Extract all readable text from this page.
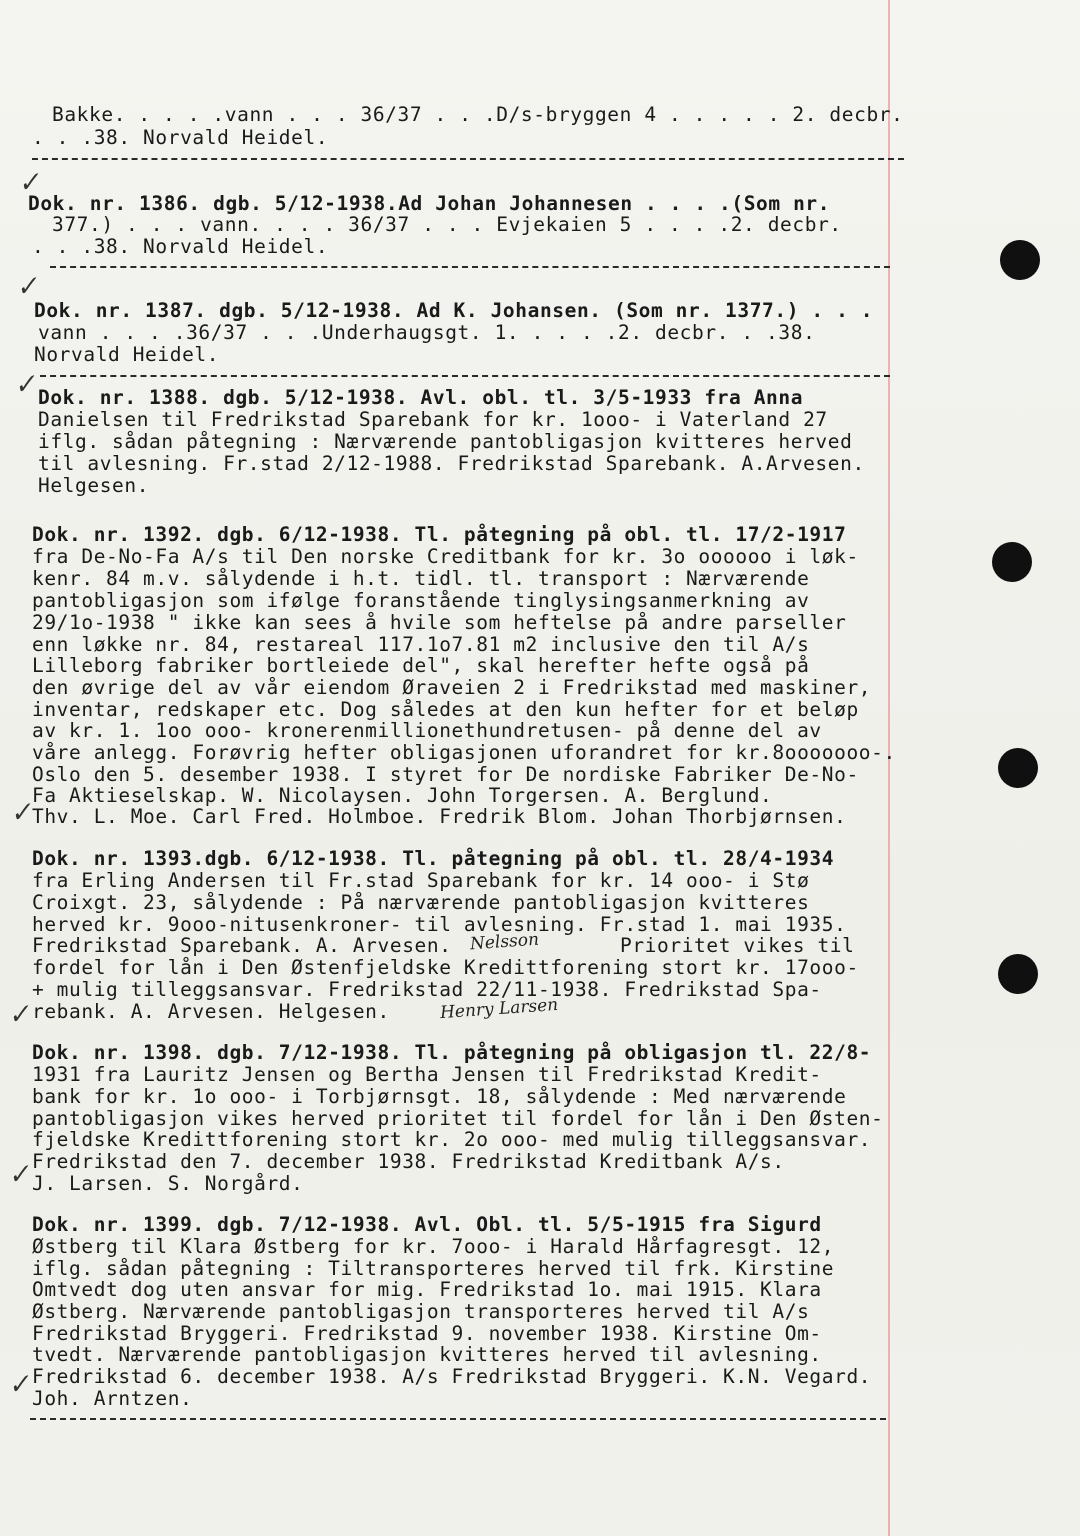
Bakke. . . . .vann . . . 36/37 . . .D/s-bryggen 4 . . . . . 2. decbr.
. . .38. Norvald Heidel.
✓
Dok. nr. 1386. dgb. 5/12-1938.Ad Johan Johannesen . . . .(Som nr.
377.) . . . vann. . . . 36/37 . . . Evjekaien 5 . . . .2. decbr.
. . .38. Norvald Heidel.
✓
Dok. nr. 1387. dgb. 5/12-1938. Ad K. Johansen. (Som nr. 1377.) . . .
vann . . . .36/37 . . .Underhaugsgt. 1. . . . .2. decbr. . .38.
Norvald Heidel.
✓ Dok. nr. 1388. dgb. 5/12-1938. Avl. obl. tl. 3/5-1933 fra Anna
Danielsen til Fredrikstad Sparebank for kr. 1ooo- i Vaterland 27
iflg. sådan påtegning : Nærværende pantobligasjon kvitteres herved
til avlesning. Fr.stad 2/12-1988. Fredrikstad Sparebank. A.Arvesen.
Helgesen.
Dok. nr. 1392. dgb. 6/12-1938. Tl. påtegning på obl. tl. 17/2-1917
fra De-No-Fa A/s til Den norske Creditbank for kr. 3o oooooo i løk-
kenr. 84 m.v. sålydende i h.t. tidl. tl. transport : Nærværende
pantobligasjon som ifølge foranstående tinglysingsanmerkning av
29/1o-1938 " ikke kan sees å hvile som heftelse på andre parseller
enn løkke nr. 84, restareal 117.1o7.81 m2 inclusive den til A/s
Lilleborg fabriker bortleiede del", skal herefter hefte også på
den øvrige del av vår eiendom Øraveien 2 i Fredrikstad med maskiner,
inventar, redskaper etc. Dog således at den kun hefter for et beløp
av kr. 1. 1oo ooo- kronerenmillionethundretusen- på denne del av
våre anlegg. Forøvrig hefter obligasjonen uforandret for kr.8ooooooo-.
Oslo den 5. desember 1938. I styret for De nordiske Fabriker De-No-
Fa Aktieselskap. W. Nicolaysen. John Torgersen. A. Berglund.
Thv. L. Moe. Carl Fred. Holmboe. Fredrik Blom. Johan Thorbjørnsen.
✓
Dok. nr. 1393.dgb. 6/12-1938. Tl. påtegning på obl. tl. 28/4-1934
fra Erling Andersen til Fr.stad Sparebank for kr. 14 ooo- i Stø
Croixgt. 23, sålydende : På nærværende pantobligasjon kvitteres
herved kr. 9ooo-nitusenkroner- til avlesning. Fr.stad 1. mai 1935.
Fredrikstad Sparebank. A. Arvesen. Nelsson	Prioritet vikes til
fordel for lån i Den Østenfjeldske Kredittforening stort kr. 17ooo-
+ mulig tilleggsansvar. Fredrikstad 22/11-1938. Fredrikstad Spa-
rebank. A. Arvesen. Helgesen.	Henry Larsen
✓
Dok. nr. 1398. dgb. 7/12-1938. Tl. påtegning på obligasjon tl. 22/8-
1931 fra Lauritz Jensen og Bertha Jensen til Fredrikstad Kredit-
bank for kr. 1o ooo- i Torbjørnsgt. 18, sålydende : Med nærværende
pantobligasjon vikes herved prioritet til fordel for lån i Den Østen-
fjeldske Kredittforening stort kr. 2o ooo- med mulig tilleggsansvar.
Fredrikstad den 7. december 1938. Fredrikstad Kreditbank A/s.
J. Larsen. S. Norgård.
✓
Dok. nr. 1399. dgb. 7/12-1938. Avl. Obl. tl. 5/5-1915 fra Sigurd
Østberg til Klara Østberg for kr. 7ooo- i Harald Hårfagresgt. 12,
iflg. sådan påtegning : Tiltransporteres herved til frk. Kirstine
Omtvedt dog uten ansvar for mig. Fredrikstad 1o. mai 1915. Klara
Østberg. Nærværende pantobligasjon transporteres herved til A/s
Fredrikstad Bryggeri. Fredrikstad 9. november 1938. Kirstine Om-
tvedt. Nærværende pantobligasjon kvitteres herved til avlesning.
Fredrikstad 6. december 1938. A/s Fredrikstad Bryggeri. K.N. Vegard.
Joh. Arntzen.
✓
